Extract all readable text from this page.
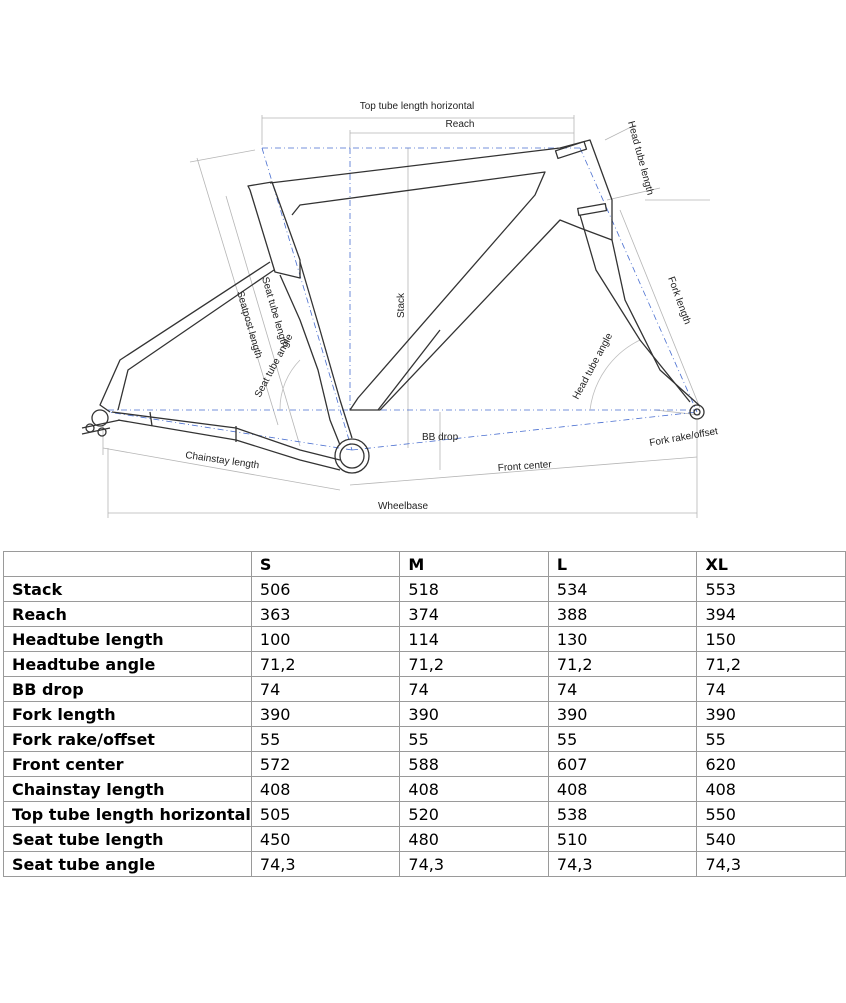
Top tube length horizontal
Reach	Head tube length
Fork length
Stack
Seat tube length
Seatpost length
Seat tube angle	Head tube angle
BB drop	Fork rake/offset
Front center
Chainstay length
Wheelbase
	S	M	L	XL
Stack	506	518	534	553
Reach	363	374	388	394
Headtube length	100	114	130	150
Headtube angle	71,2	71,2	71,2	71,2
BB drop	74	74	74	74
Fork length	390	390	390	390
Fork rake/offset	55	55	55	55
Front center	572	588	607	620
Chainstay length	408	408	408	408
Top tube length horizontal	505	520	538	550
Seat tube length	450	480	510	540
Seat tube angle	74,3	74,3	74,3	74,3
